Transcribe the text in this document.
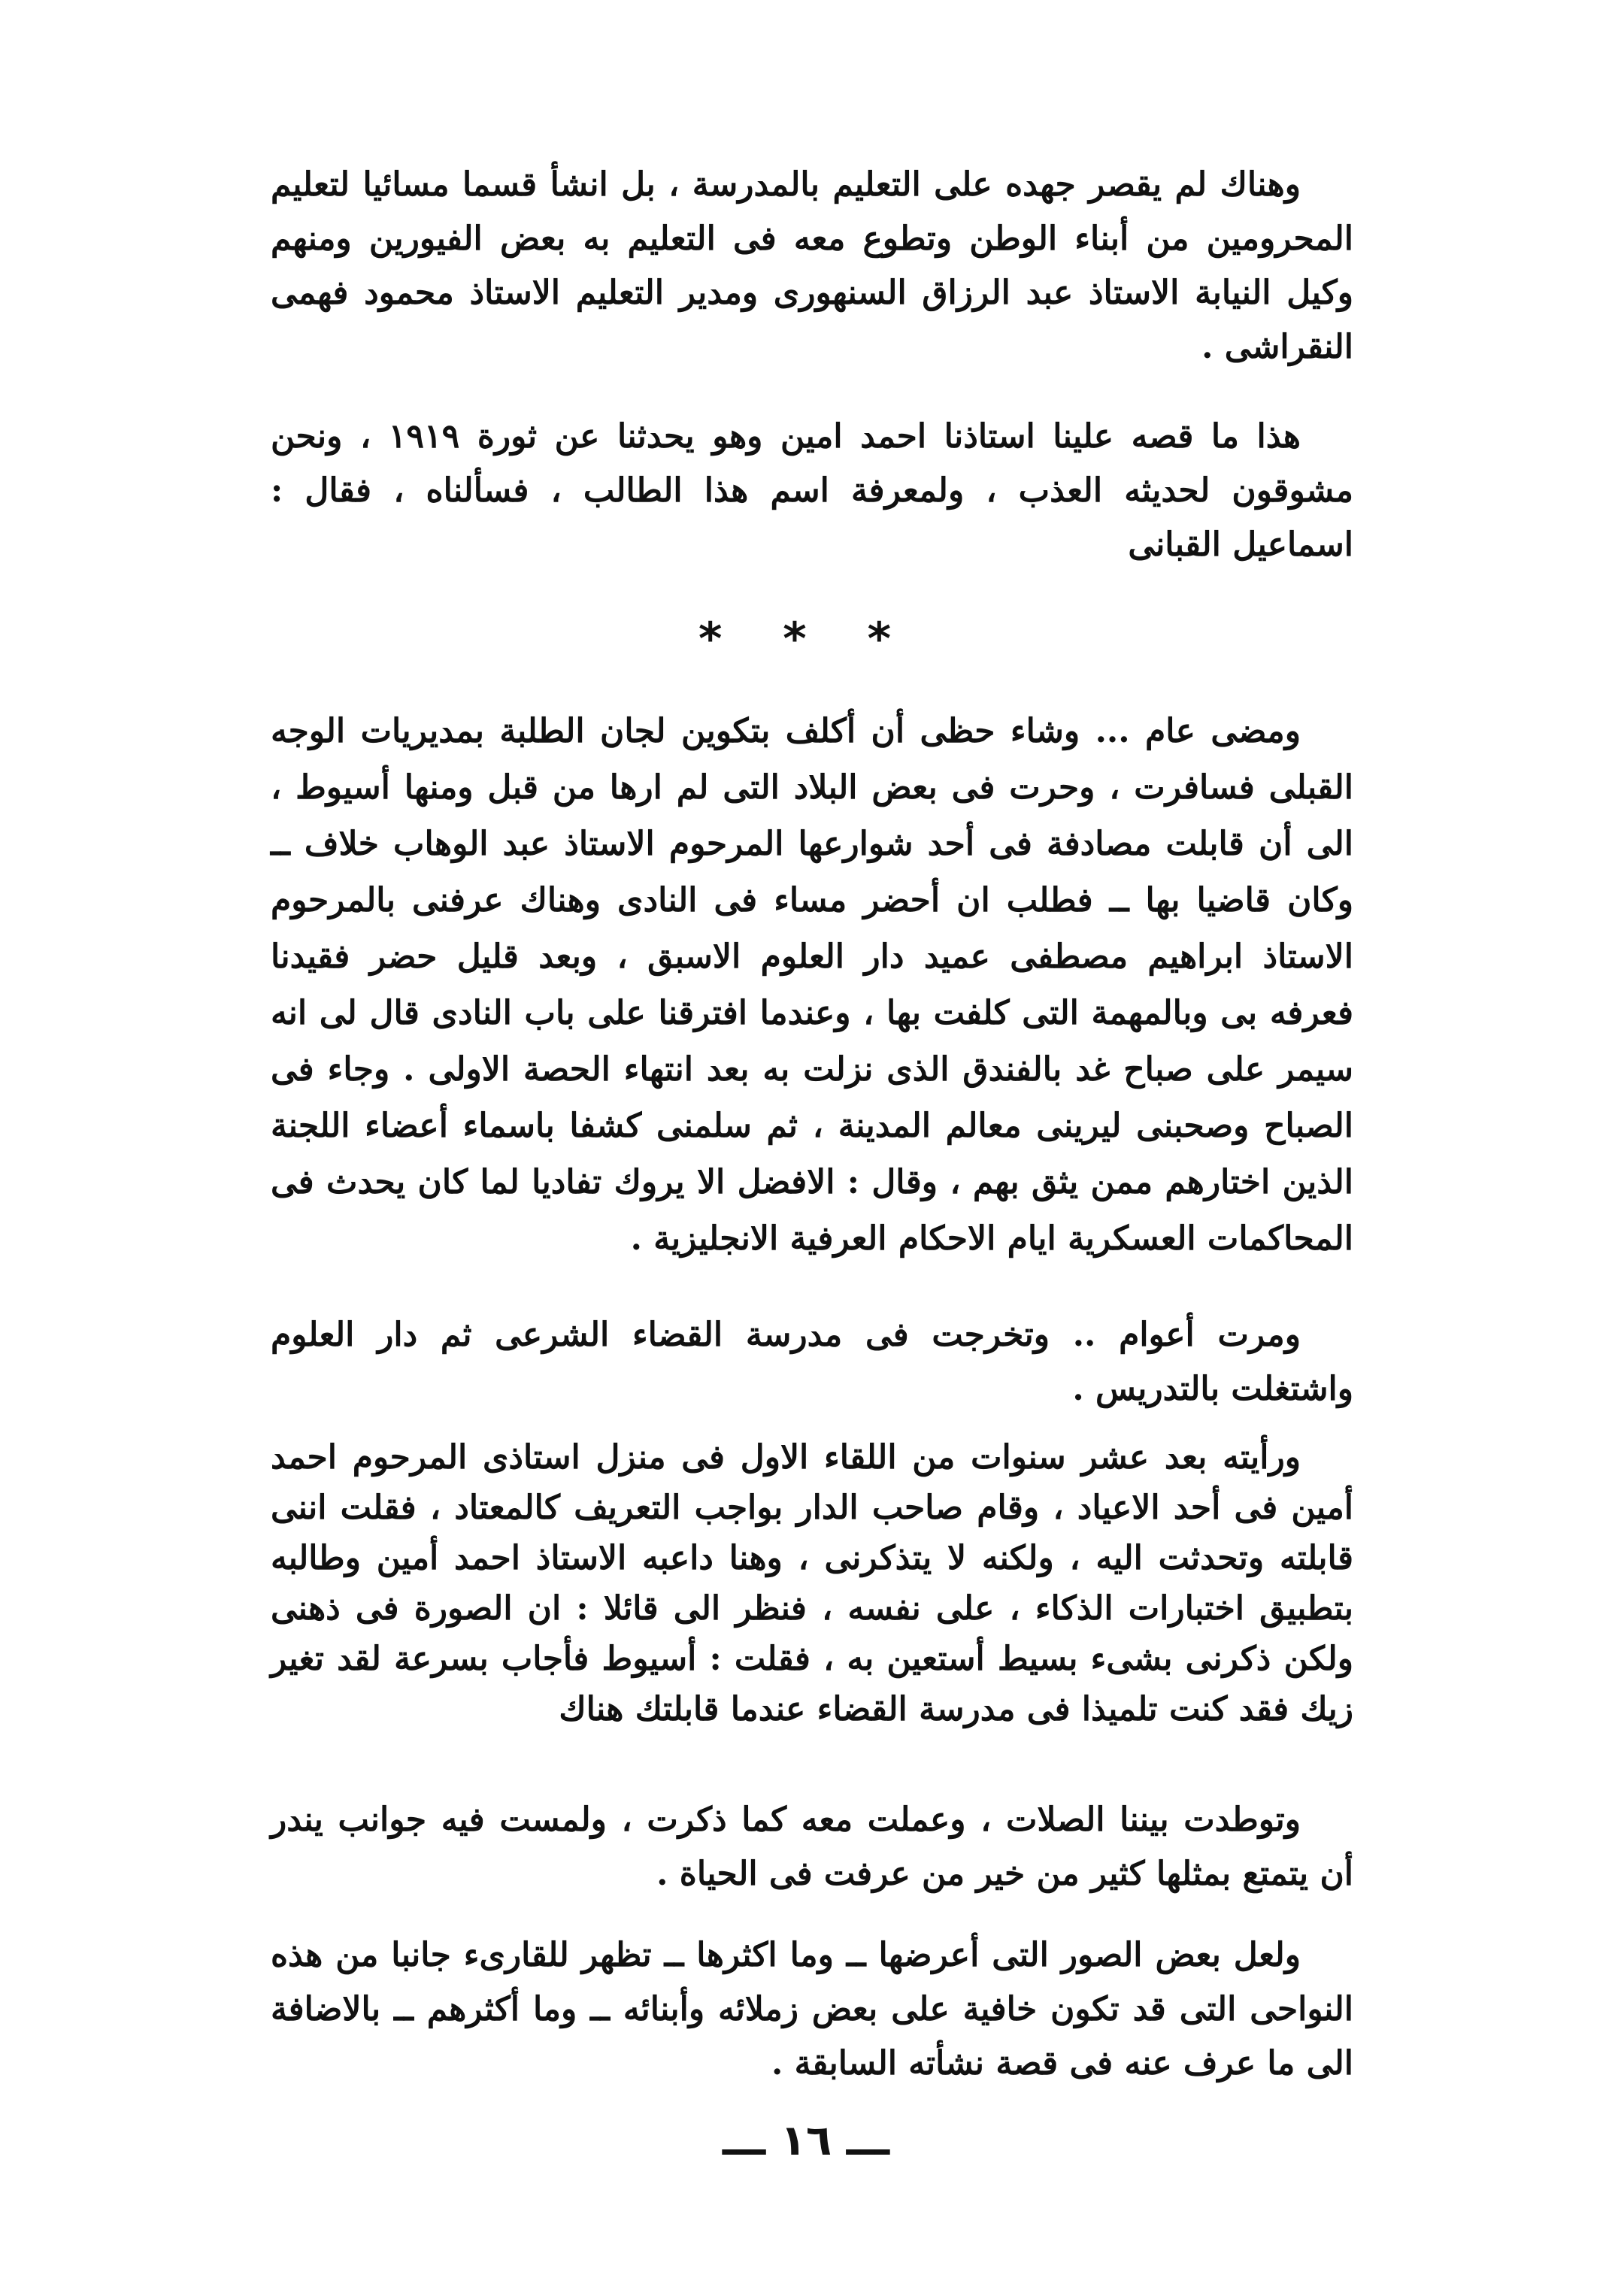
وهناك لم يقصر جهده على التعليم بالمدرسة ، بل انشأ قسما مسائيا لتعليم المحرومين من أبناء الوطن وتطوع معه فى التعليم به بعض الفيورين ومنهم وكيل النيابة الاستاذ عبد الرزاق السنهورى ومدير التعليم الاستاذ محمود فهمى النقراشى .

هذا ما قصه علينا استاذنا احمد امين وهو يحدثنا عن ثورة ١٩١٩ ، ونحن مشوقون لحديثه العذب ، ولمعرفة اسم هذا الطالب ، فسألناه ، فقال : اسماعيل القبانى

* * *

ومضى عام ... وشاء حظى أن أكلف بتكوين لجان الطلبة بمديريات الوجه القبلى فسافرت ، وحرت فى بعض البلاد التى لم ارها من قبل ومنها أسيوط ، الى أن قابلت مصادفة فى أحد شوارعها المرحوم الاستاذ عبد الوهاب خلاف ــ وكان قاضيا بها ــ فطلب ان أحضر مساء فى النادى وهناك عرفنى بالمرحوم الاستاذ ابراهيم مصطفى عميد دار العلوم الاسبق ، وبعد قليل حضر فقيدنا فعرفه بى وبالمهمة التى كلفت بها ، وعندما افترقنا على باب النادى قال لى انه سيمر على صباح غد بالفندق الذى نزلت به بعد انتهاء الحصة الاولى . وجاء فى الصباح وصحبنى ليرينى معالم المدينة ، ثم سلمنى كشفا باسماء أعضاء اللجنة الذين اختارهم ممن يثق بهم ، وقال : الافضل الا يروك تفاديا لما كان يحدث فى المحاكمات العسكرية ايام الاحكام العرفية الانجليزية .

ومرت أعوام .. وتخرجت فى مدرسة القضاء الشرعى ثم دار العلوم واشتغلت بالتدريس .

ورأيته بعد عشر سنوات من اللقاء الاول فى منزل استاذى المرحوم احمد أمين فى أحد الاعياد ، وقام صاحب الدار بواجب التعريف كالمعتاد ، فقلت اننى قابلته وتحدثت اليه ، ولكنه لا يتذكرنى ، وهنا داعبه الاستاذ احمد أمين وطالبه بتطبيق اختبارات الذكاء ، على نفسه ، فنظر الى قائلا : ان الصورة فى ذهنى ولكن ذكرنى بشىء بسيط أستعين به ، فقلت : أسيوط فأجاب بسرعة لقد تغير زيك فقد كنت تلميذا فى مدرسة القضاء عندما قابلتك هناك

وتوطدت بيننا الصلات ، وعملت معه كما ذكرت ، ولمست فيه جوانب يندر أن يتمتع بمثلها كثير من خير من عرفت فى الحياة .

ولعل بعض الصور التى أعرضها ــ وما اكثرها ــ تظهر للقارىء جانبا من هذه النواحى التى قد تكون خافية على بعض زملائه وأبنائه ــ وما أكثرهم ــ بالاضافة الى ما عرف عنه فى قصة نشأته السابقة .

ـــ ١٦ ـــ
